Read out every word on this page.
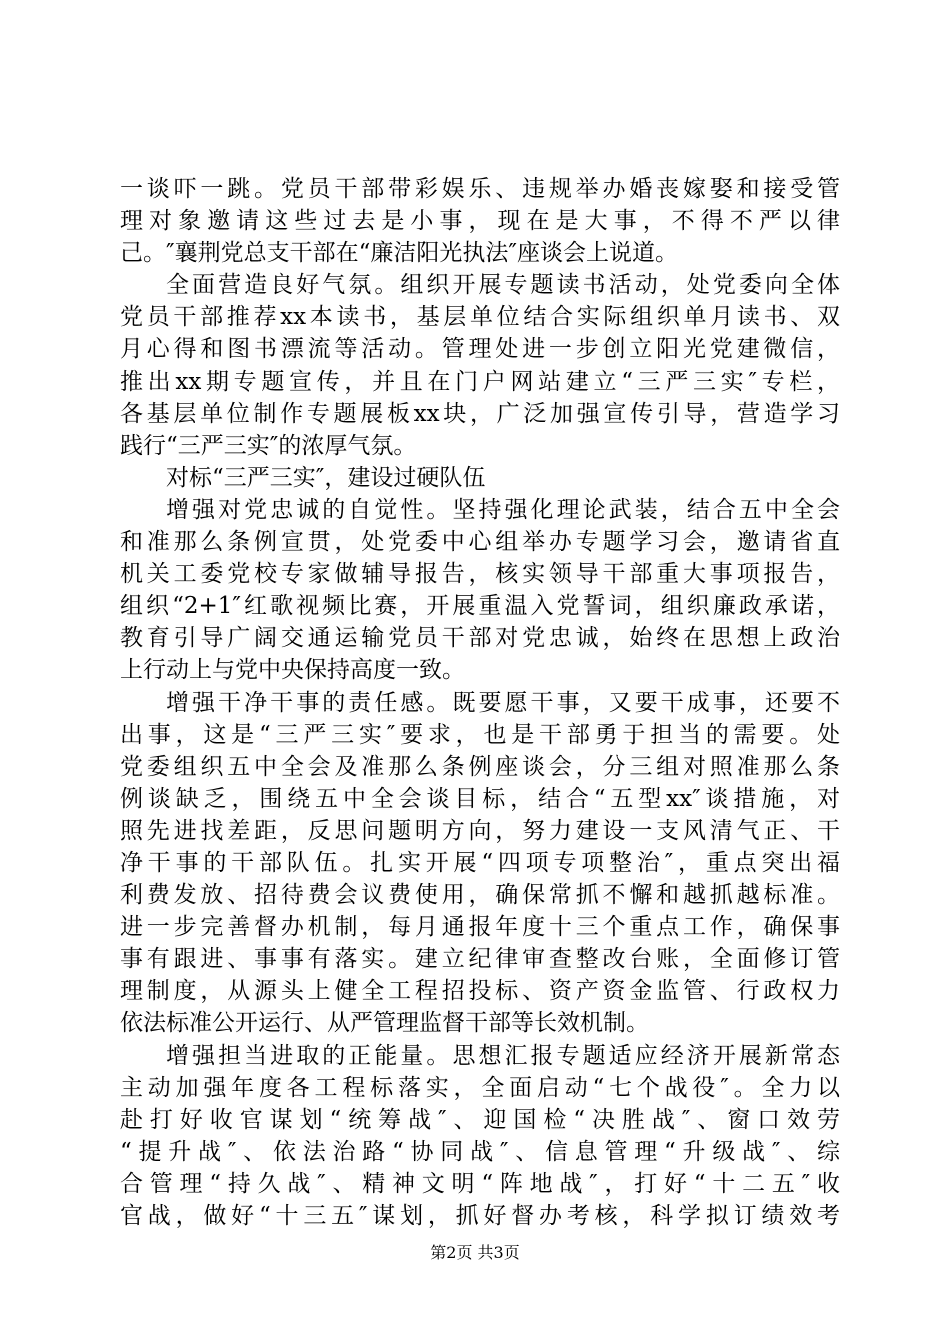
一谈吓一跳。党员干部带彩娱乐、违规举办婚丧嫁娶和接受管
理对象邀请这些过去是小事，现在是大事，不得不严以律
己。″襄荆党总支干部在“廉洁阳光执法″座谈会上说道。
全面营造良好气氛。组织开展专题读书活动，处党委向全体
党员干部推荐xx本读书，基层单位结合实际组织单月读书、双
月心得和图书漂流等活动。管理处进一步创立阳光党建微信，
推出xx期专题宣传，并且在门户网站建立“三严三实″专栏，
各基层单位制作专题展板xx块，广泛加强宣传引导，营造学习
践行“三严三实″的浓厚气氛。
对标“三严三实″，建设过硬队伍
增强对党忠诚的自觉性。坚持强化理论武装，结合五中全会
和准那么条例宣贯，处党委中心组举办专题学习会，邀请省直
机关工委党校专家做辅导报告，核实领导干部重大事项报告，
组织“2+1″红歌视频比赛，开展重温入党誓词，组织廉政承诺，
教育引导广阔交通运输党员干部对党忠诚，始终在思想上政治
上行动上与党中央保持高度一致。
增强干净干事的责任感。既要愿干事，又要干成事，还要不
出事，这是“三严三实″要求，也是干部勇于担当的需要。处
党委组织五中全会及准那么条例座谈会，分三组对照准那么条
例谈缺乏，围绕五中全会谈目标，结合“五型xx″谈措施，对
照先进找差距，反思问题明方向，努力建设一支风清气正、干
净干事的干部队伍。扎实开展“四项专项整治″，重点突出福
利费发放、招待费会议费使用，确保常抓不懈和越抓越标准。
进一步完善督办机制，每月通报年度十三个重点工作，确保事
事有跟进、事事有落实。建立纪律审查整改台账，全面修订管
理制度，从源头上健全工程招投标、资产资金监管、行政权力
依法标准公开运行、从严管理监督干部等长效机制。
增强担当进取的正能量。思想汇报专题适应经济开展新常态
主动加强年度各工程标落实，全面启动“七个战役″。全力以
赴打好收官谋划“统筹战″、迎国检“决胜战″、窗口效劳
“提升战″、依法治路“协同战″、信息管理“升级战″、综
合管理“持久战″、精神文明“阵地战″，打好“十二五″收
官战，做好“十三五″谋划，抓好督办考核，科学拟订绩效考
第2页 共3页
